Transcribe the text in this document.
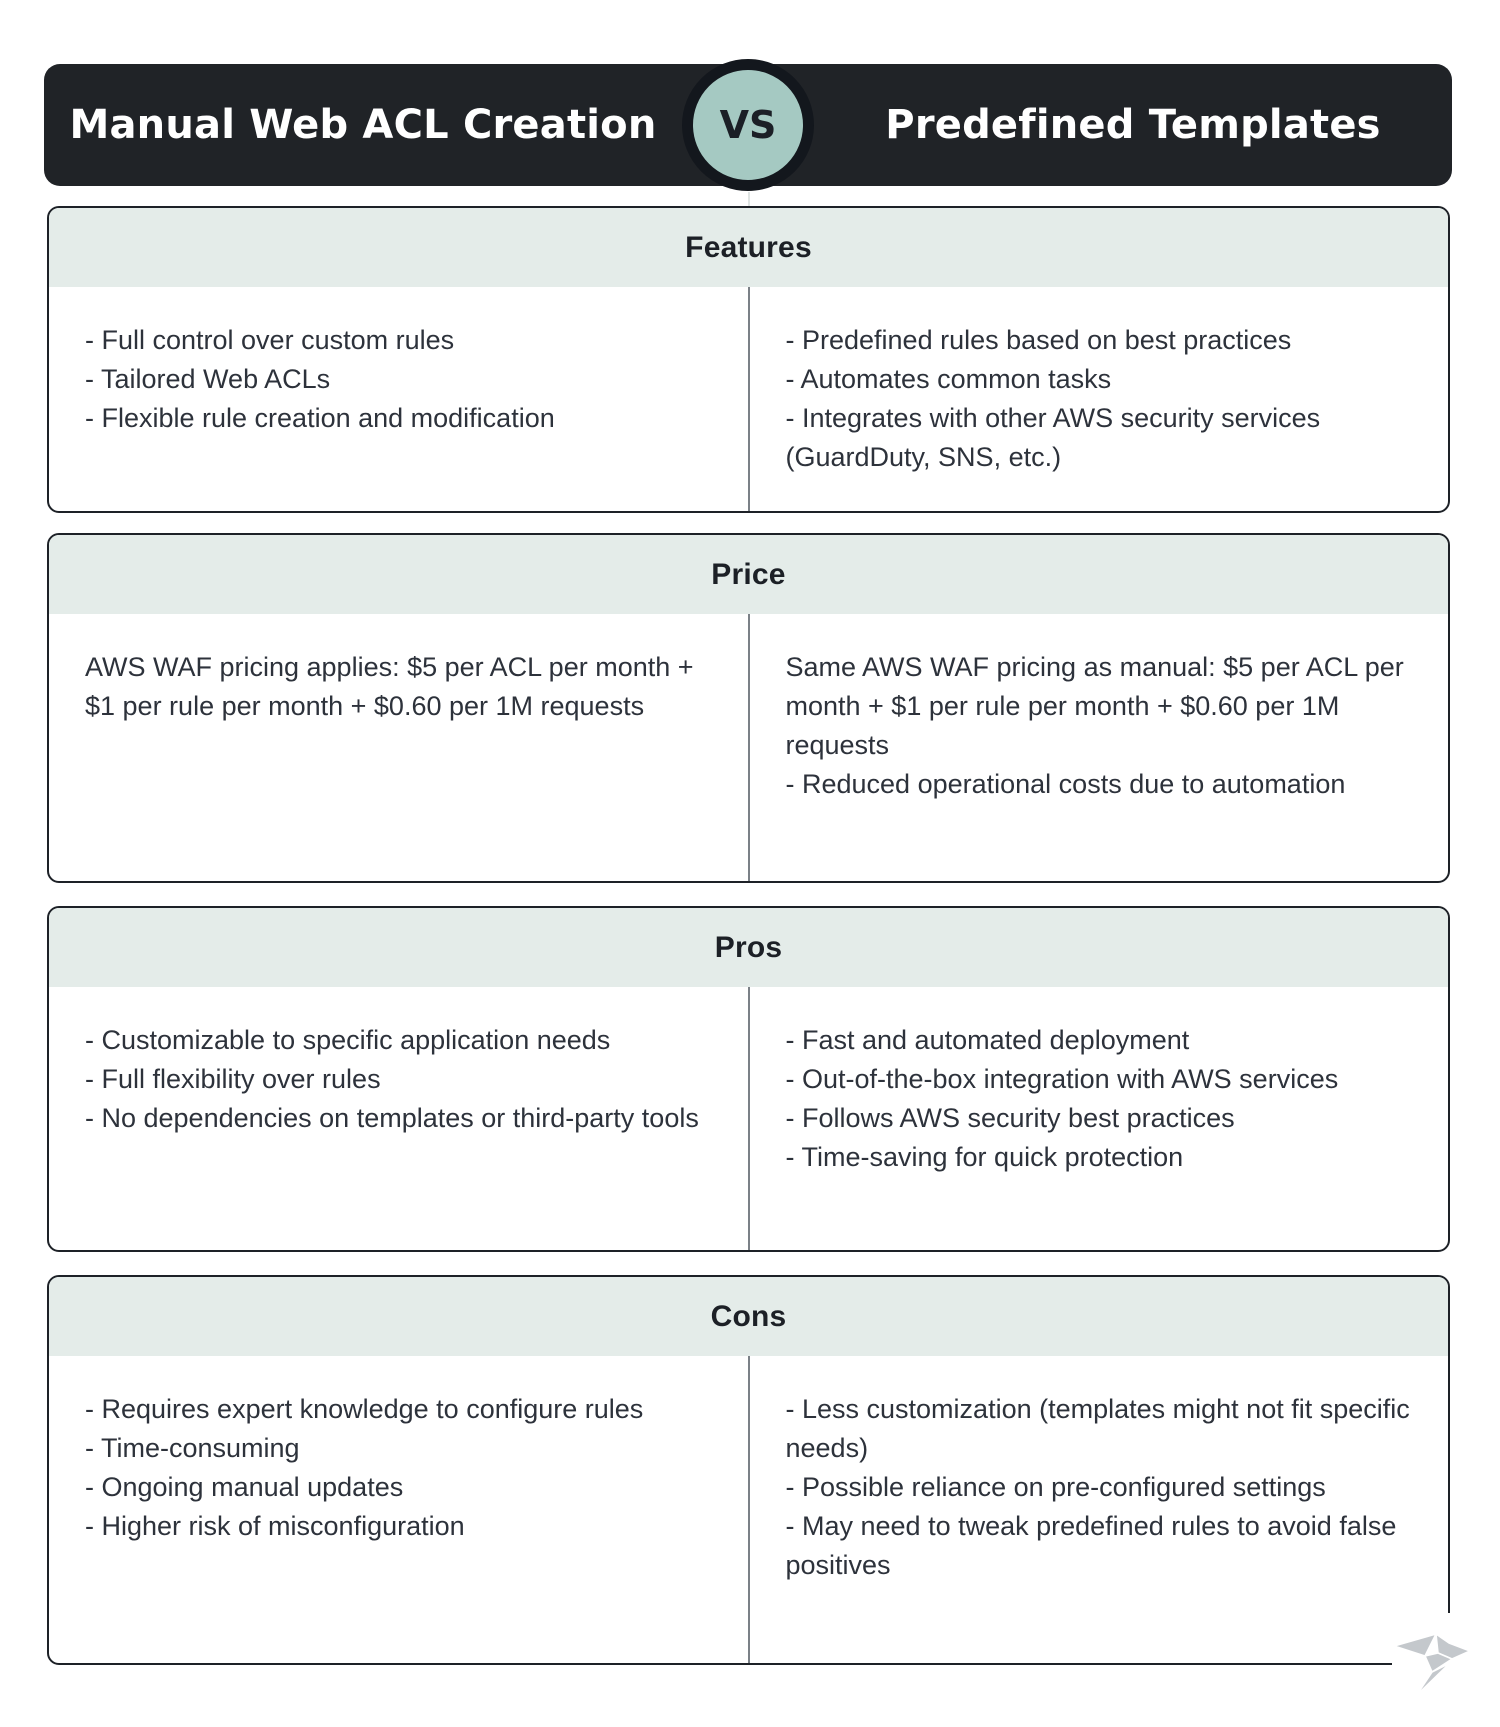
Manual Web ACL Creation	Predefined Templates
VS
Features
- Full control over custom rules
- Tailored Web ACLs
- Flexible rule creation and modification
- Predefined rules based on best practices
- Automates common tasks
- Integrates with other AWS security services (GuardDuty, SNS, etc.)
Price
AWS WAF pricing applies: $5 per ACL per month + $1 per rule per month + $0.60 per 1M requests
Same AWS WAF pricing as manual: $5 per ACL per month + $1 per rule per month + $0.60 per 1M requests
- Reduced operational costs due to automation
Pros
- Customizable to specific application needs
- Full flexibility over rules
- No dependencies on templates or third-party tools
- Fast and automated deployment
- Out-of-the-box integration with AWS services
- Follows AWS security best practices
- Time-saving for quick protection
Cons
- Requires expert knowledge to configure rules
- Time-consuming
- Ongoing manual updates
- Higher risk of misconfiguration
- Less customization (templates might not fit specific needs)
- Possible reliance on pre-configured settings
- May need to tweak predefined rules to avoid false positives
